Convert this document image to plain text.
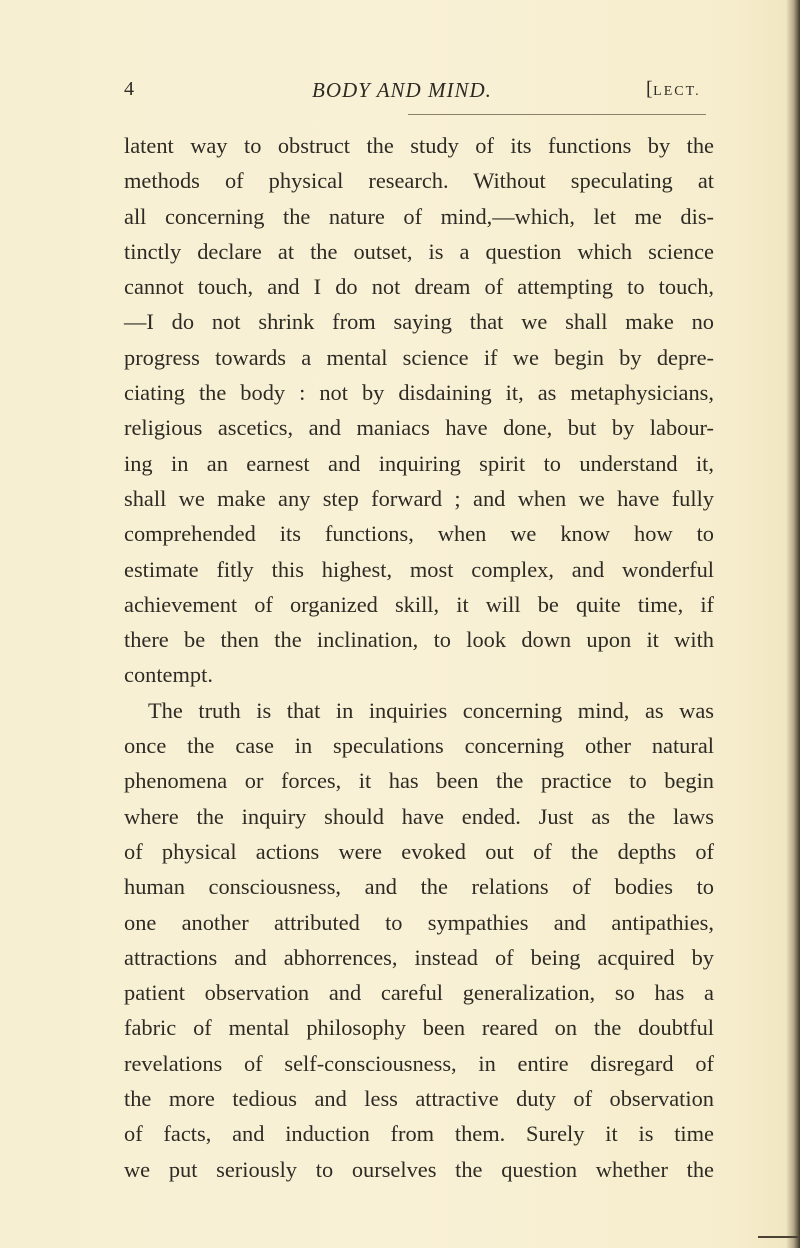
4	BODY AND MIND.	[LECT.
latent way to obstruct the study of its functions by the
methods of physical research. Without speculating at
all concerning the nature of mind,—which, let me dis-
tinctly declare at the outset, is a question which science
cannot touch, and I do not dream of attempting to touch,
—I do not shrink from saying that we shall make no
progress towards a mental science if we begin by depre-
ciating the body : not by disdaining it, as metaphysicians,
religious ascetics, and maniacs have done, but by labour-
ing in an earnest and inquiring spirit to understand it,
shall we make any step forward ; and when we have fully
comprehended its functions, when we know how to
estimate fitly this highest, most complex, and wonderful
achievement of organized skill, it will be quite time, if
there be then the inclination, to look down upon it with
contempt.
The truth is that in inquiries concerning mind, as was
once the case in speculations concerning other natural
phenomena or forces, it has been the practice to begin
where the inquiry should have ended. Just as the laws
of physical actions were evoked out of the depths of
human consciousness, and the relations of bodies to
one another attributed to sympathies and antipathies,
attractions and abhorrences, instead of being acquired by
patient observation and careful generalization, so has a
fabric of mental philosophy been reared on the doubtful
revelations of self-consciousness, in entire disregard of
the more tedious and less attractive duty of observation
of facts, and induction from them. Surely it is time
we put seriously to ourselves the question whether the
